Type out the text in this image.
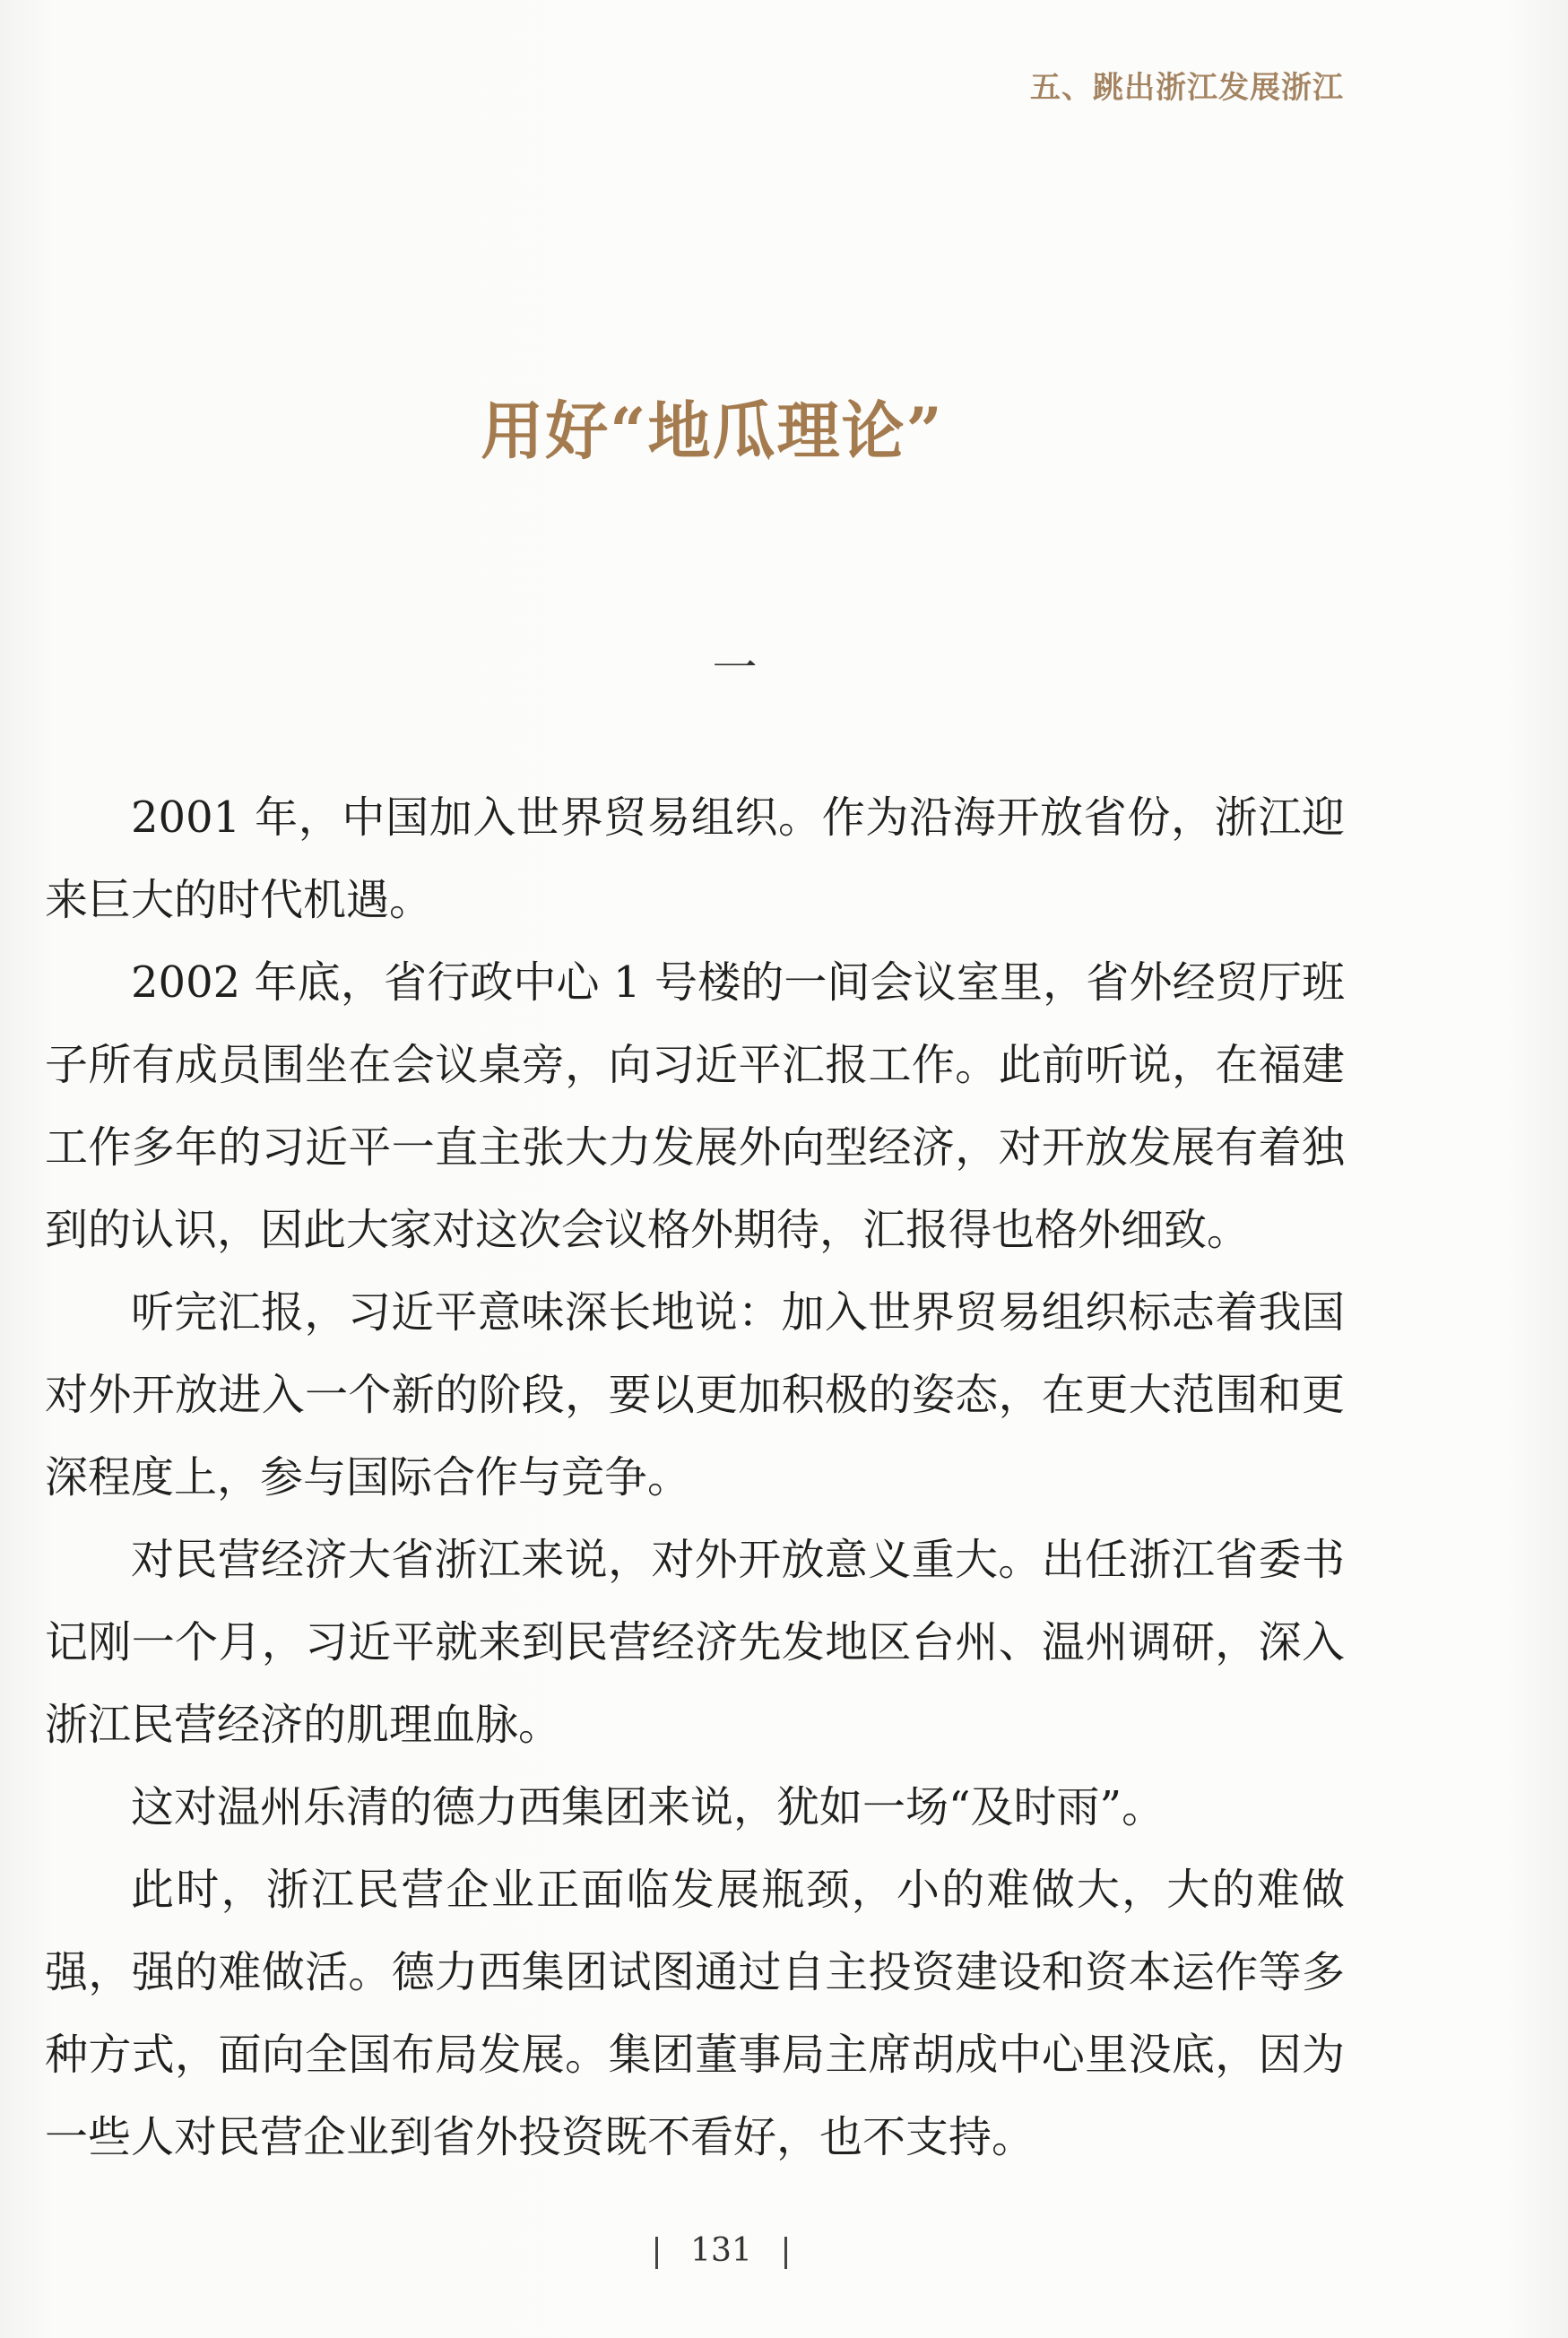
五、跳出浙江发展浙江
用好“地瓜理论”
一

2001 年，中国加入世界贸易组织。作为沿海开放省份，浙江迎来巨大的时代机遇。

2002 年底，省行政中心 1 号楼的一间会议室里，省外经贸厅班子所有成员围坐在会议桌旁，向习近平汇报工作。此前听说，在福建工作多年的习近平一直主张大力发展外向型经济，对开放发展有着独到的认识，因此大家对这次会议格外期待，汇报得也格外细致。

听完汇报，习近平意味深长地说：加入世界贸易组织标志着我国对外开放进入一个新的阶段，要以更加积极的姿态，在更大范围和更深程度上，参与国际合作与竞争。

对民营经济大省浙江来说，对外开放意义重大。出任浙江省委书记刚一个月，习近平就来到民营经济先发地区台州、温州调研，深入浙江民营经济的肌理血脉。

这对温州乐清的德力西集团来说，犹如一场“及时雨”。

此时，浙江民营企业正面临发展瓶颈，小的难做大，大的难做强，强的难做活。德力西集团试图通过自主投资建设和资本运作等多种方式，面向全国布局发展。集团董事局主席胡成中心里没底，因为一些人对民营企业到省外投资既不看好，也不支持。

131
